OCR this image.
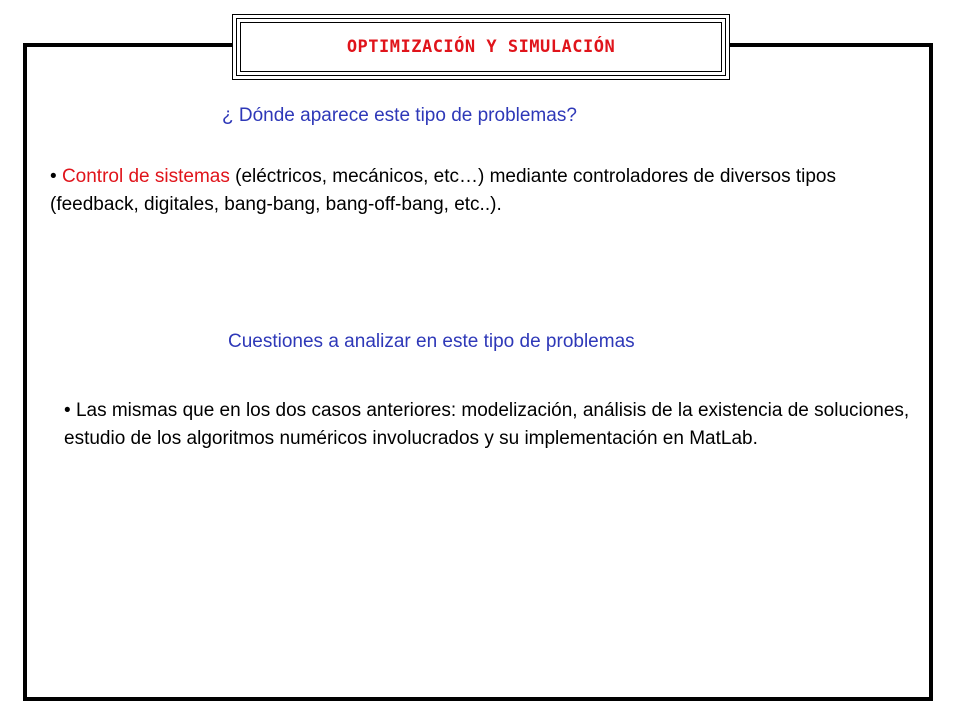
OPTIMIZACIÓN Y SIMULACIÓN
¿ Dónde aparece este tipo de problemas?
• Control de sistemas (eléctricos, mecánicos, etc…) mediante controladores de diversos tipos (feedback, digitales, bang-bang, bang-off-bang, etc..).
Cuestiones a analizar en este tipo de problemas
• Las mismas que en los dos casos anteriores: modelización, análisis de la existencia de soluciones, estudio de los algoritmos numéricos involucrados y su implementación en MatLab.
